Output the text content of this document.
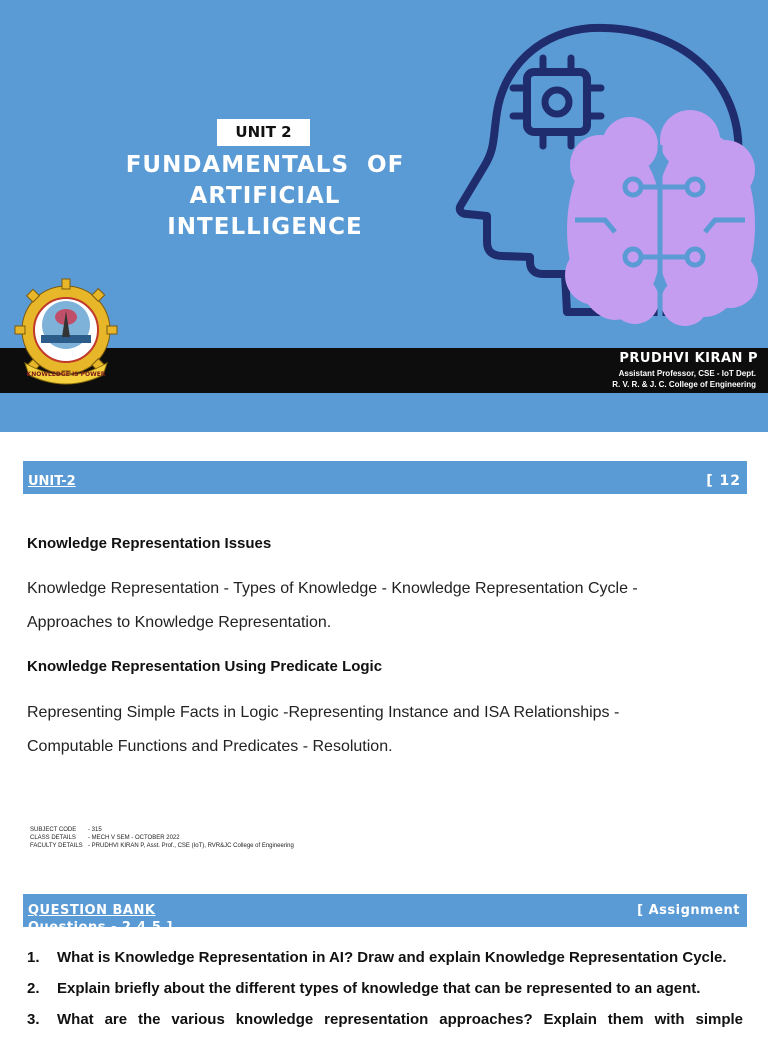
UNIT 2
FUNDAMENTALS  OF
ARTIFICIAL
INTELLIGENCE
PRUDHVI KIRAN P
Assistant Professor, CSE - IoT Dept.
R. V. R. & J. C. College of Engineering
KNOWLEDGE IS POWER
UNIT-2	[ 12
Knowledge Representation Issues
Knowledge Representation - Types of Knowledge - Knowledge Representation Cycle -
Approaches to Knowledge Representation.
Knowledge Representation Using Predicate Logic
Representing Simple Facts in Logic -Representing Instance and ISA Relationships -
Computable Functions and Predicates - Resolution.
SUBJECT CODE	- 315
CLASS DETAILS	- MECH V SEM - OCTOBER 2022
FACULTY DETAILS - PRUDHVI KIRAN P, Asst. Prof., CSE (IoT), RVR&JC College of Engineering
QUESTION BANK
Questions - 2,4,5 ]
[ Assignment
1.	What is Knowledge Representation in AI? Draw and explain Knowledge Representation Cycle.
2.	Explain briefly about the different types of knowledge that can be represented to an agent.
3.	What are the various knowledge representation approaches? Explain them with simple
